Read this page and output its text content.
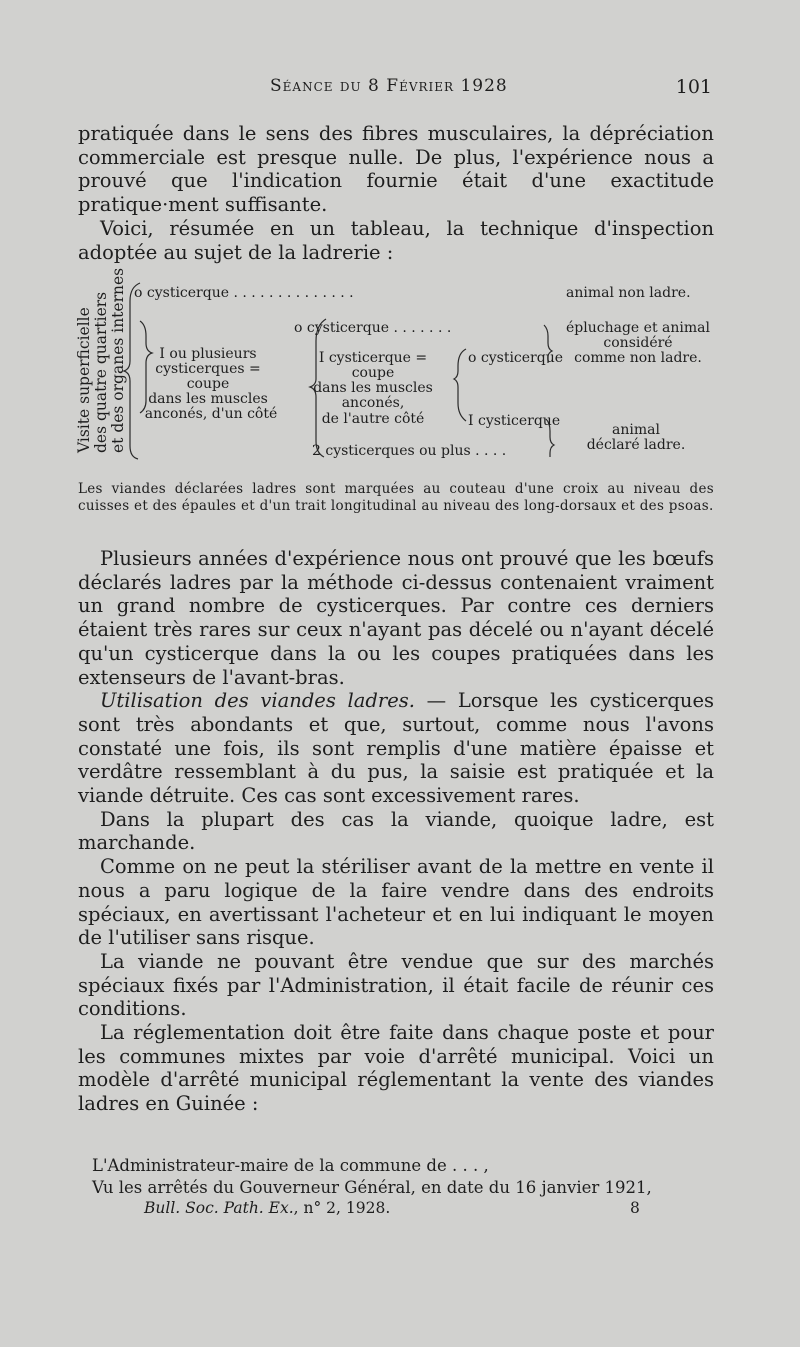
Séance du 8 Février 1928	101

pratiquée dans le sens des fibres musculaires, la dépréciation commerciale est presque nulle. De plus, l'expérience nous a prouvé que l'indication fournie était d'une exactitude pratique·ment suffisante.

Voici, résumée en un tableau, la technique d'inspection adoptée au sujet de la ladrerie :

Visite superficielle des quatre quartiers et des organes internes o cysticerque . . . . . . . . . . . . . .	animal non ladre.
I ou plusieurs
cysticerques =
coupe
dans les muscles
anconés, d'un côté
o cysticerque . . . . . . .
I cysticerque =
coupe
dans les muscles
anconés,
de l'autre côté
2 cysticerques ou plus . . . .
o cysticerque
I cysticerque
épluchage et animal
considéré
comme non ladre.
animal
déclaré ladre.
Les viandes déclarées ladres sont marquées au couteau d'une croix au niveau des cuisses et des épaules et d'un trait longitudinal au niveau des long-dorsaux et des psoas.

Plusieurs années d'expérience nous ont prouvé que les bœufs déclarés ladres par la méthode ci-dessus contenaient vraiment un grand nombre de cysticerques. Par contre ces derniers étaient très rares sur ceux n'ayant pas décelé ou n'ayant décelé qu'un cysticerque dans la ou les coupes pratiquées dans les extenseurs de l'avant-bras.

Utilisation des viandes ladres. — Lorsque les cysticerques sont très abondants et que, surtout, comme nous l'avons constaté une fois, ils sont remplis d'une matière épaisse et verdâtre ressemblant à du pus, la saisie est pratiquée et la viande détruite. Ces cas sont excessivement rares.

Dans la plupart des cas la viande, quoique ladre, est marchande.

Comme on ne peut la stériliser avant de la mettre en vente il nous a paru logique de la faire vendre dans des endroits spéciaux, en avertissant l'acheteur et en lui indiquant le moyen de l'utiliser sans risque.

La viande ne pouvant être vendue que sur des marchés spéciaux fixés par l'Administration, il était facile de réunir ces conditions.

La réglementation doit être faite dans chaque poste et pour les communes mixtes par voie d'arrêté municipal. Voici un modèle d'arrêté municipal réglementant la vente des viandes ladres en Guinée :

L'Administrateur-maire de la commune de . . . ,
Vu les arrêtés du Gouverneur Général, en date du 16 janvier 1921,
Bull. Soc. Path. Ex., n° 2, 1928.	8
